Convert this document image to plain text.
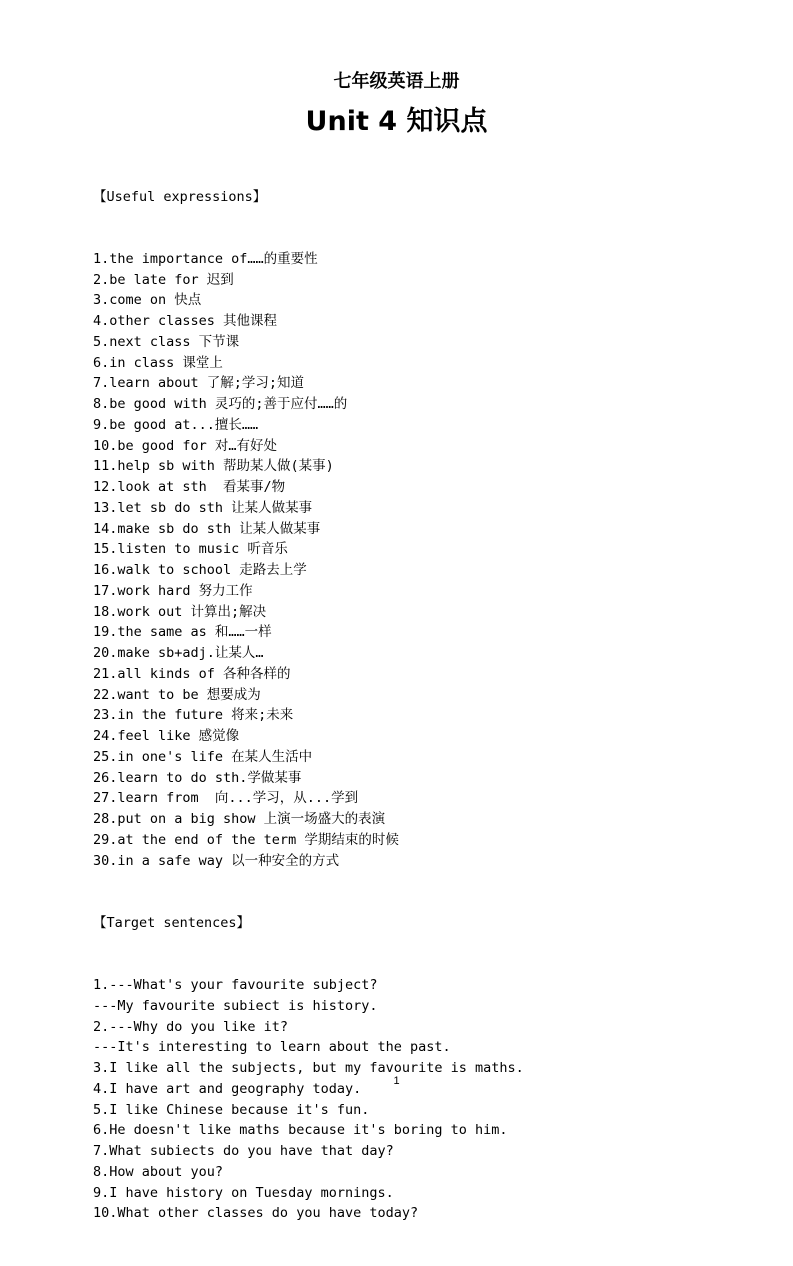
七年级英语上册
Unit 4 知识点

【Useful expressions】

1.the importance of……的重要性
2.be late for 迟到
3.come on 快点
4.other classes 其他课程
5.next class 下节课
6.in class 课堂上
7.learn about 了解;学习;知道
8.be good with 灵巧的;善于应付……的
9.be good at...擅长……
10.be good for 对…有好处
11.help sb with 帮助某人做(某事)
12.look at sth  看某事/物
13.let sb do sth 让某人做某事
14.make sb do sth 让某人做某事
15.listen to music 听音乐
16.walk to school 走路去上学
17.work hard 努力工作
18.work out 计算出;解决
19.the same as 和……一样
20.make sb+adj.让某人…
21.all kinds of 各种各样的
22.want to be 想要成为
23.in the future 将来;未来
24.feel like 感觉像
25.in one's life 在某人生活中
26.learn to do sth.学做某事
27.learn from  向...学习，从...学到
28.put on a big show 上演一场盛大的表演
29.at the end of the term 学期结束的时候
30.in a safe way 以一种安全的方式

【Target sentences】

1.---What's your favourite subject?
---My favourite subiect is history.
2.---Why do you like it?
---It's interesting to learn about the past.
3.I like all the subjects, but my favourite is maths.
4.I have art and geography today.
5.I like Chinese because it's fun.
6.He doesn't like maths because it's boring to him.
7.What subiects do you have that day?
8.How about you?
9.I have history on Tuesday mornings.
10.What other classes do you have today?

1
